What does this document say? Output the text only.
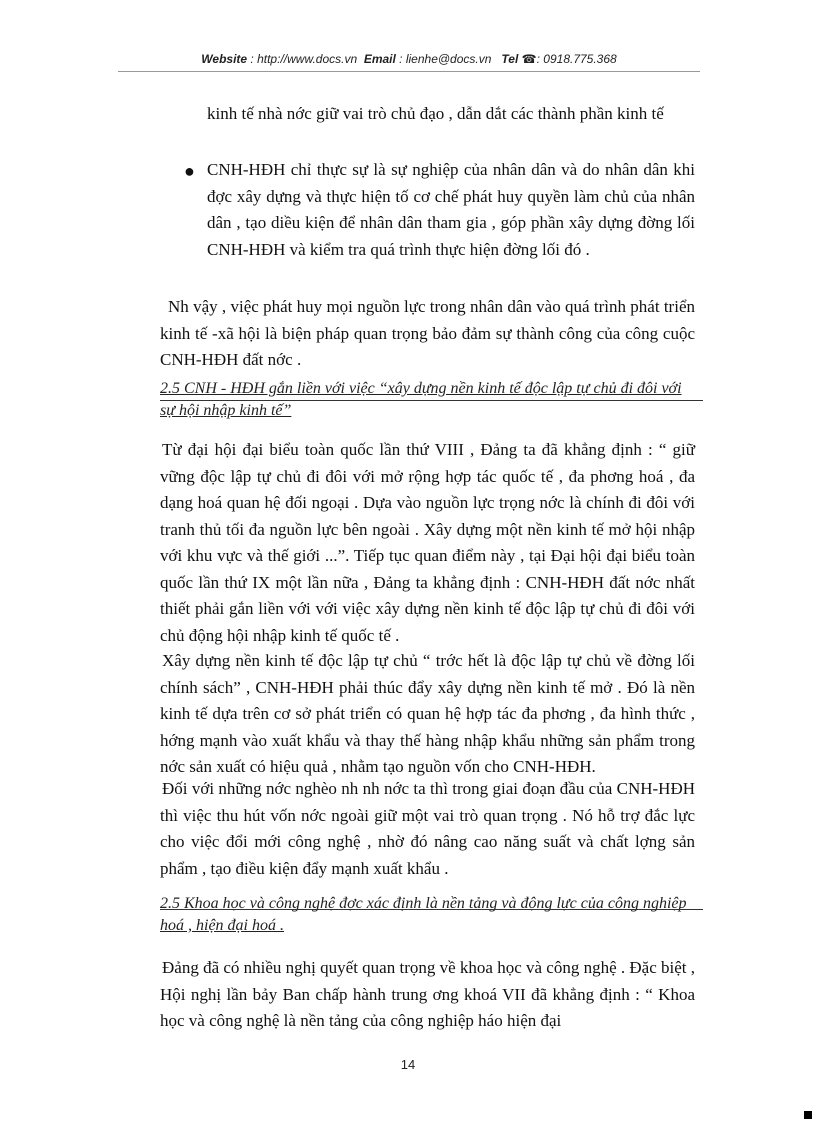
Website : http://www.docs.vn Email : lienhe@docs.vn Tel ☎: 0918.775.368
kinh tế nhà nớc giữ vai trò chủ đạo , dẫn dắt các thành phần kinh tế
● CNH-HĐH chỉ thực sự là sự nghiệp của nhân dân và do nhân dân khi đợc xây dựng và thực hiện tố cơ chế phát huy quyền làm chủ của nhân dân , tạo diều kiện để nhân dân tham gia , góp phần xây dựng đờng lối CNH-HĐH và kiểm tra quá trình thực hiện đờng lối đó .
Nh vậy , việc phát huy mọi nguồn lực trong nhân dân vào quá trình phát triển kinh tế -xã hội là biện pháp quan trọng bảo đảm sự thành công của công cuộc CNH-HĐH đất nớc .
2.5 CNH - HĐH gắn liền với việc “xây dựng nền kinh tế độc lập tự chủ đi đôi với sự hội nhập kinh tế”
Từ đại hội đại biểu toàn quốc lần thứ VIII , Đảng ta đã khẳng định : “ giữ vững độc lập tự chủ đi đôi với mở rộng hợp tác quốc tế , đa phơng hoá , đa dạng hoá quan hệ đối ngoại . Dựa vào nguồn lực trọng nớc là chính đi đôi với tranh thủ tối đa nguồn lực bên ngoài . Xây dựng một nền kinh tế mở hội nhập với khu vực và thế giới ...”. Tiếp tục quan điểm này , tại Đại hội đại biểu toàn quốc lần thứ IX một lần nữa , Đảng ta khẳng định : CNH-HĐH đất nớc nhất thiết phải gắn liền với với việc xây dựng nền kinh tế độc lập tự chủ đi đôi với chủ động hội nhập kinh tế quốc tế .
Xây dựng nền kinh tế độc lập tự chủ “ trớc hết là độc lập tự chủ về đờng lối chính sách” , CNH-HĐH phải thúc đẩy xây dựng nền kinh tế mở . Đó là nền kinh tế dựa trên cơ sở phát triển có quan hệ hợp tác đa phơng , đa hình thức , hớng mạnh vào xuất khẩu và thay thế hàng nhập khẩu những sản phẩm trong nớc sản xuất có hiệu quả , nhằm tạo nguồn vốn cho CNH-HĐH.
Đối với những nớc nghèo nh nh nớc ta thì trong giai đoạn đầu của CNH-HĐH thì việc thu hút vốn nớc ngoài giữ một vai trò quan trọng . Nó hỗ trợ đắc lực cho việc đổi mới công nghệ , nhờ đó nâng cao năng suất và chất lợng sản phẩm , tạo điều kiện đẩy mạnh xuất khẩu .
2.5 Khoa học và công nghệ đợc xác định là nền tảng và động lực của công nghiệp hoá , hiện đại hoá .
Đảng đã có nhiều nghị quyết quan trọng về khoa học và công nghệ . Đặc biệt , Hội nghị lần bảy Ban chấp hành trung ơng khoá VII đã khẳng định : “ Khoa học và công nghệ là nền tảng của công nghiệp háo hiện đại
14
